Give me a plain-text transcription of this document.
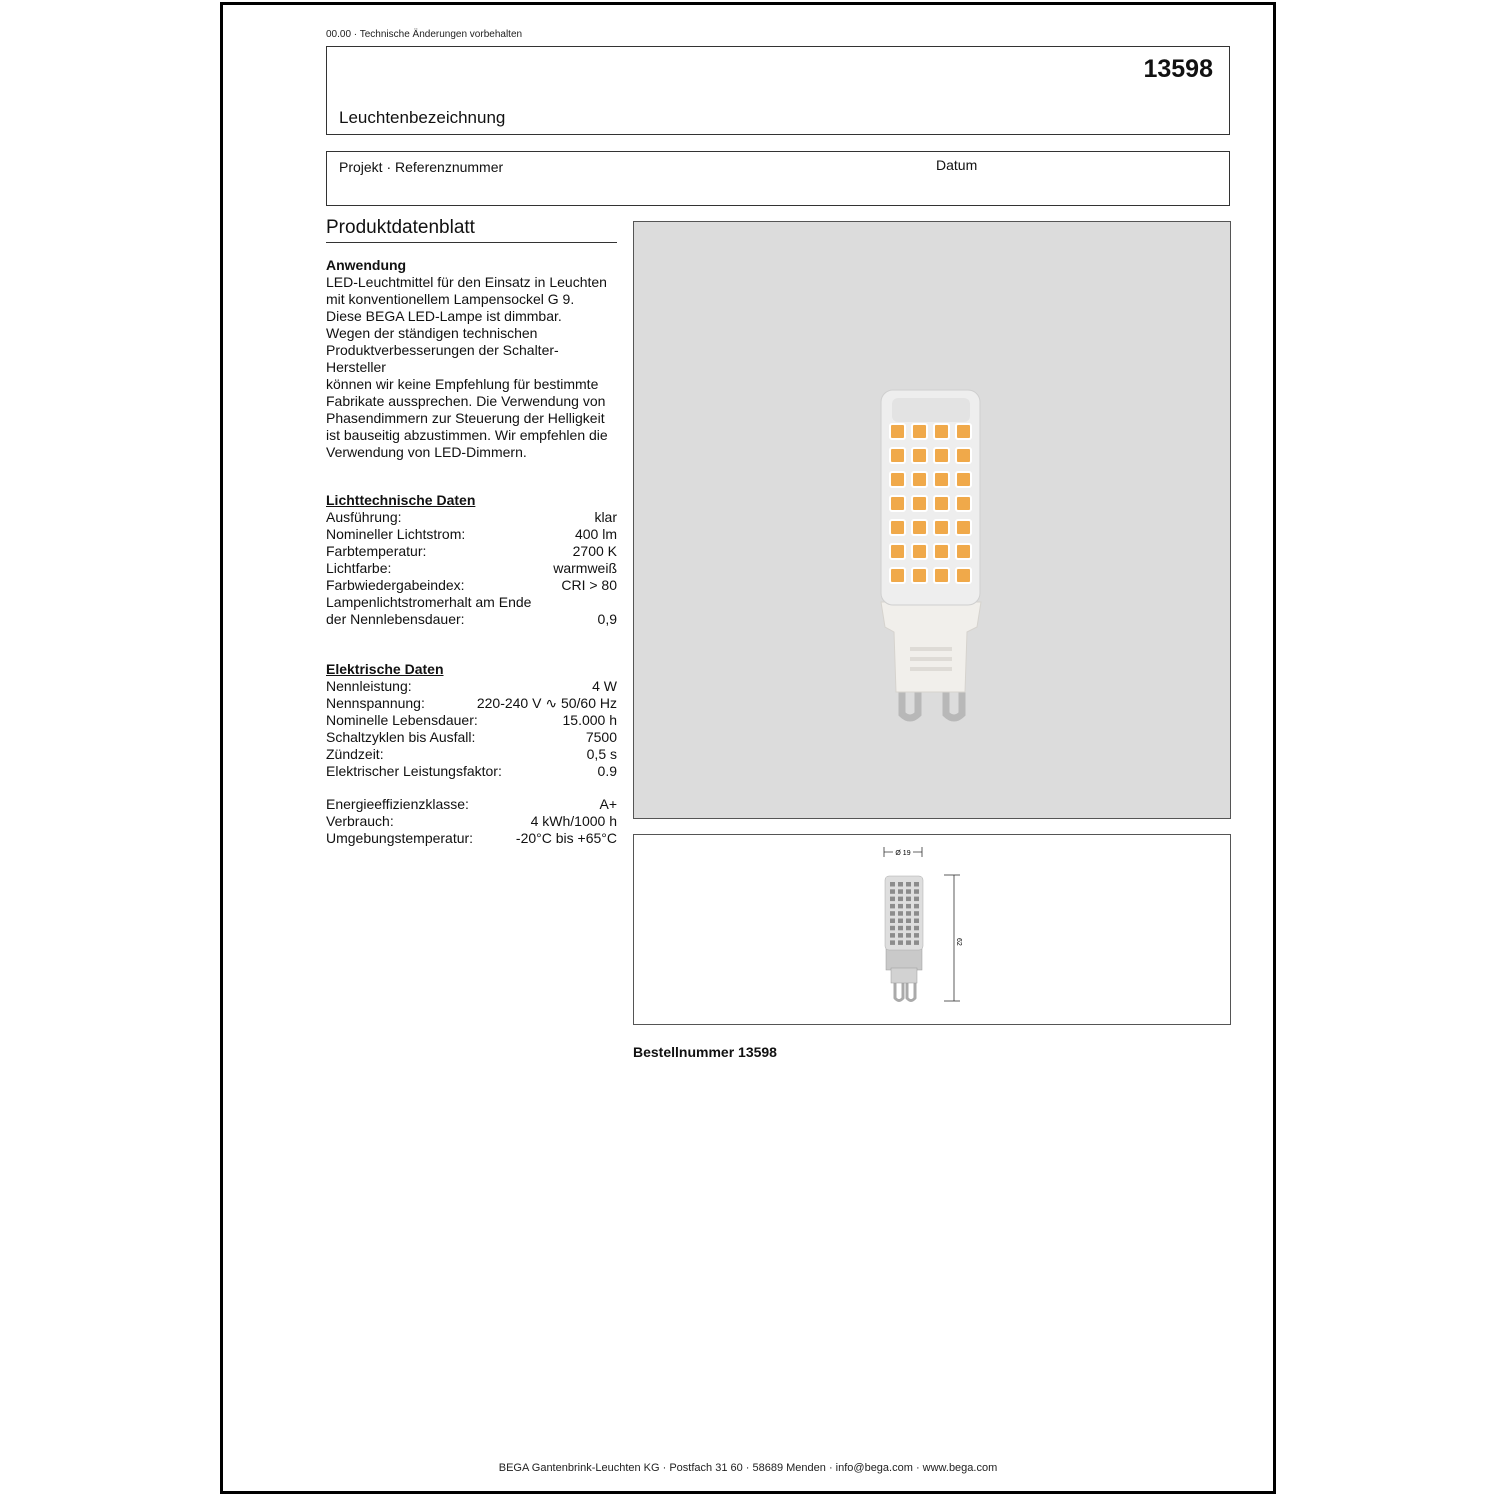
00.00 · Technische Änderungen vorbehalten
13598
Leuchtenbezeichnung
Projekt · Referenznummer	Datum
Produktdatenblatt
Anwendung
LED-Leuchtmittel für den Einsatz in Leuchten
mit konventionellem Lampensockel G 9.
Diese BEGA LED-Lampe ist dimmbar.
Wegen der ständigen technischen
Produktverbesserungen der Schalter-Hersteller
können wir keine Empfehlung für bestimmte
Fabrikate aussprechen. Die Verwendung von
Phasendimmern zur Steuerung der Helligkeit
ist bauseitig abzustimmen. Wir empfehlen die
Verwendung von LED-Dimmern.
Lichttechnische Daten
Ausführung:	klar
Nomineller Lichtstrom:	400 lm
Farbtemperatur:	2700 K
Lichtfarbe:	warmweiß
Farbwiedergabeindex:	CRI > 80
Lampenlichtstromerhalt am Ende
der Nennlebensdauer:	0,9
Elektrische Daten
Nennleistung:	4 W
Nennspannung:	220-240 V ∿ 50/60 Hz
Nominelle Lebensdauer:	15.000 h
Schaltzyklen bis Ausfall:	7500
Zündzeit:	0,5 s
Elektrischer Leistungsfaktor:	0.9
Energieeffizienzklasse:	A+
Verbrauch:	4 kWh/1000 h
Umgebungstemperatur:	-20°C bis +65°C
Ø 19
62
Bestellnummer 13598
BEGA Gantenbrink-Leuchten KG · Postfach 31 60 · 58689 Menden · info@bega.com · www.bega.com
